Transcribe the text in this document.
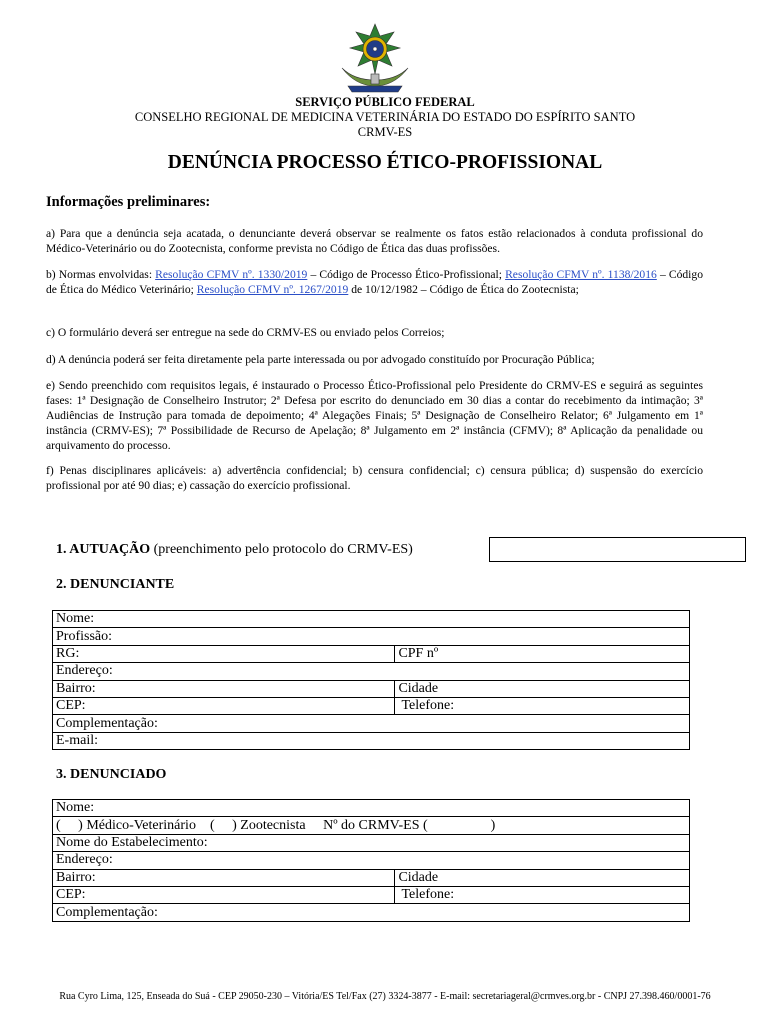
SERVIÇO PÚBLICO FEDERAL
CONSELHO REGIONAL DE MEDICINA VETERINÁRIA DO ESTADO DO ESPÍRITO SANTO
CRMV-ES
DENÚNCIA PROCESSO ÉTICO-PROFISSIONAL
Informações preliminares:
a) Para que a denúncia seja acatada, o denunciante deverá observar se realmente os fatos estão relacionados à conduta profissional do Médico-Veterinário ou do Zootecnista, conforme prevista no Código de Ética das duas profissões.
b) Normas envolvidas: Resolução CFMV nº. 1330/2019 – Código de Processo Ético-Profissional; Resolução CFMV nº. 1138/2016 – Código de Ética do Médico Veterinário; Resolução CFMV nº. 1267/2019 de 10/12/1982 – Código de Ética do Zootecnista;
c) O formulário deverá ser entregue na sede do CRMV-ES ou enviado pelos Correios;
d) A denúncia poderá ser feita diretamente pela parte interessada ou por advogado constituído por Procuração Pública;
e) Sendo preenchido com requisitos legais, é instaurado o Processo Ético-Profissional pelo Presidente do CRMV-ES e seguirá as seguintes fases: 1ª Designação de Conselheiro Instrutor; 2ª Defesa por escrito do denunciado em 30 dias a contar do recebimento da intimação; 3ª Audiências de Instrução para tomada de depoimento; 4ª Alegações Finais; 5ª Designação de Conselheiro Relator; 6ª Julgamento em 1ª instância (CRMV-ES); 7ª Possibilidade de Recurso de Apelação; 8ª Julgamento em 2ª instância (CFMV); 8ª Aplicação da penalidade ou arquivamento do processo.
f) Penas disciplinares aplicáveis: a) advertência confidencial; b) censura confidencial; c) censura pública; d) suspensão do exercício profissional por até 90 dias; e) cassação do exercício profissional.
1. AUTUAÇÃO (preenchimento pelo protocolo do CRMV-ES)
2. DENUNCIANTE
Nome:	
Profissão:	
RG:	CPF nº
Endereço:	
Bairro:	Cidade
CEP:	Telefone:
Complementação:	
E-mail:	
3. DENUNCIADO
Nome:	
(     ) Médico-Veterinário    (     ) Zootecnista     Nº do CRMV-ES (                  )	
Nome do Estabelecimento:	
Endereço:	
Bairro:	Cidade
CEP:	Telefone:
Complementação:	
Rua Cyro Lima, 125, Enseada do Suá - CEP 29050-230 – Vitória/ES Tel/Fax (27) 3324-3877 - E-mail: secretariageral@crmves.org.br - CNPJ 27.398.460/0001-76
